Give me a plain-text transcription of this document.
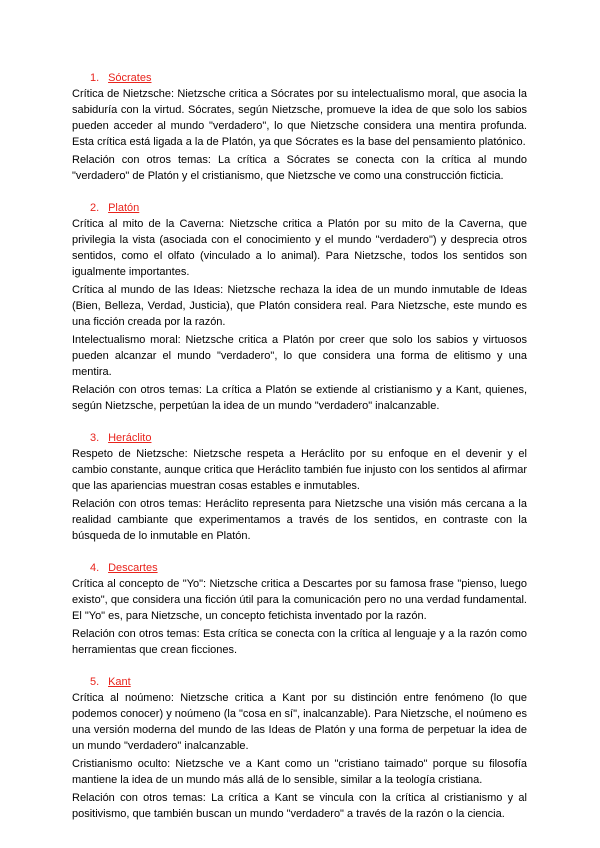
1. Sócrates

Crítica de Nietzsche: Nietzsche critica a Sócrates por su intelectualismo moral, que asocia la sabiduría con la virtud. Sócrates, según Nietzsche, promueve la idea de que solo los sabios pueden acceder al mundo "verdadero", lo que Nietzsche considera una mentira profunda. Esta crítica está ligada a la de Platón, ya que Sócrates es la base del pensamiento platónico.

Relación con otros temas: La crítica a Sócrates se conecta con la crítica al mundo "verdadero" de Platón y el cristianismo, que Nietzsche ve como una construcción ficticia.

2. Platón

Crítica al mito de la Caverna: Nietzsche critica a Platón por su mito de la Caverna, que privilegia la vista (asociada con el conocimiento y el mundo "verdadero") y desprecia otros sentidos, como el olfato (vinculado a lo animal). Para Nietzsche, todos los sentidos son igualmente importantes.

Crítica al mundo de las Ideas: Nietzsche rechaza la idea de un mundo inmutable de Ideas (Bien, Belleza, Verdad, Justicia), que Platón considera real. Para Nietzsche, este mundo es una ficción creada por la razón.

Intelectualismo moral: Nietzsche critica a Platón por creer que solo los sabios y virtuosos pueden alcanzar el mundo "verdadero", lo que considera una forma de elitismo y una mentira.

Relación con otros temas: La crítica a Platón se extiende al cristianismo y a Kant, quienes, según Nietzsche, perpetúan la idea de un mundo "verdadero" inalcanzable.

3. Heráclito

Respeto de Nietzsche: Nietzsche respeta a Heráclito por su enfoque en el devenir y el cambio constante, aunque critica que Heráclito también fue injusto con los sentidos al afirmar que las apariencias muestran cosas estables e inmutables.

Relación con otros temas: Heráclito representa para Nietzsche una visión más cercana a la realidad cambiante que experimentamos a través de los sentidos, en contraste con la búsqueda de lo inmutable en Platón.

4. Descartes

Crítica al concepto de "Yo": Nietzsche critica a Descartes por su famosa frase "pienso, luego existo", que considera una ficción útil para la comunicación pero no una verdad fundamental. El "Yo" es, para Nietzsche, un concepto fetichista inventado por la razón.

Relación con otros temas: Esta crítica se conecta con la crítica al lenguaje y a la razón como herramientas que crean ficciones.

5. Kant

Crítica al noúmeno: Nietzsche critica a Kant por su distinción entre fenómeno (lo que podemos conocer) y noúmeno (la "cosa en sí", inalcanzable). Para Nietzsche, el noúmeno es una versión moderna del mundo de las Ideas de Platón y una forma de perpetuar la idea de un mundo "verdadero" inalcanzable.

Cristianismo oculto: Nietzsche ve a Kant como un "cristiano taimado" porque su filosofía mantiene la idea de un mundo más allá de lo sensible, similar a la teología cristiana.

Relación con otros temas: La crítica a Kant se vincula con la crítica al cristianismo y al positivismo, que también buscan un mundo "verdadero" a través de la razón o la ciencia.
